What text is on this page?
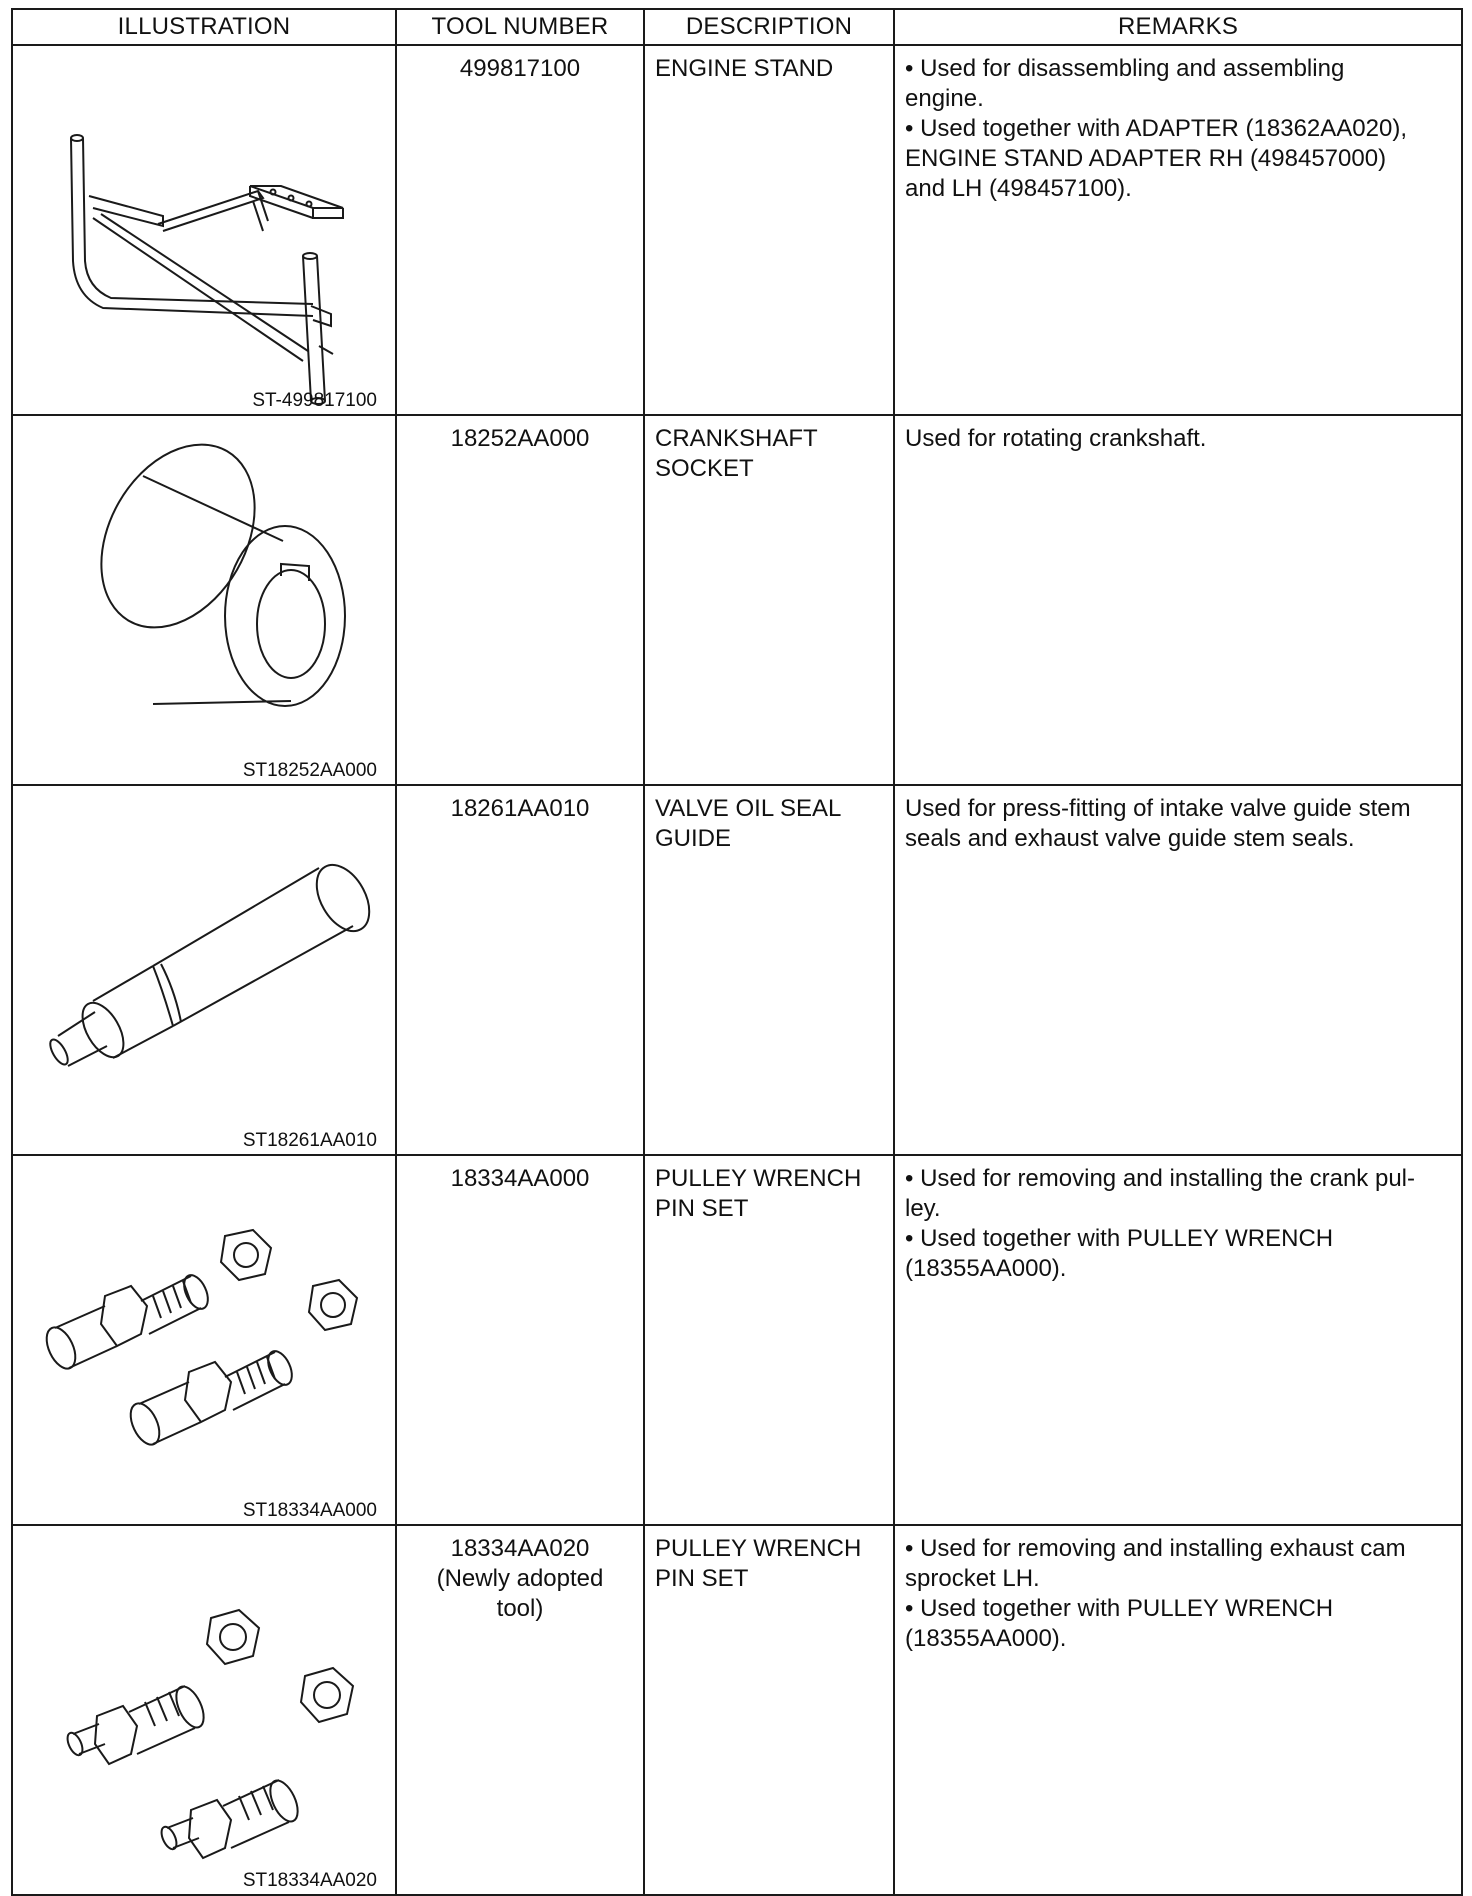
ILLUSTRATION	TOOL NUMBER	DESCRIPTION	REMARKS

ST-499817100	499817100	ENGINE STAND	• Used for disassembling and assembling
engine.
• Used together with ADAPTER (18362AA020),
ENGINE STAND ADAPTER RH (498457000)
and LH (498457100).

ST18252AA000	18252AA000	CRANKSHAFT
SOCKET	Used for rotating crankshaft.

ST18261AA010	18261AA010	VALVE OIL SEAL
GUIDE	Used for press-fitting of intake valve guide stem
seals and exhaust valve guide stem seals.

ST18334AA000	18334AA000	PULLEY WRENCH
PIN SET	• Used for removing and installing the crank pul-
ley.
• Used together with PULLEY WRENCH
(18355AA000).

ST18334AA020	18334AA020
(Newly adopted
tool)	PULLEY WRENCH
PIN SET	• Used for removing and installing exhaust cam
sprocket LH.
• Used together with PULLEY WRENCH
(18355AA000).
